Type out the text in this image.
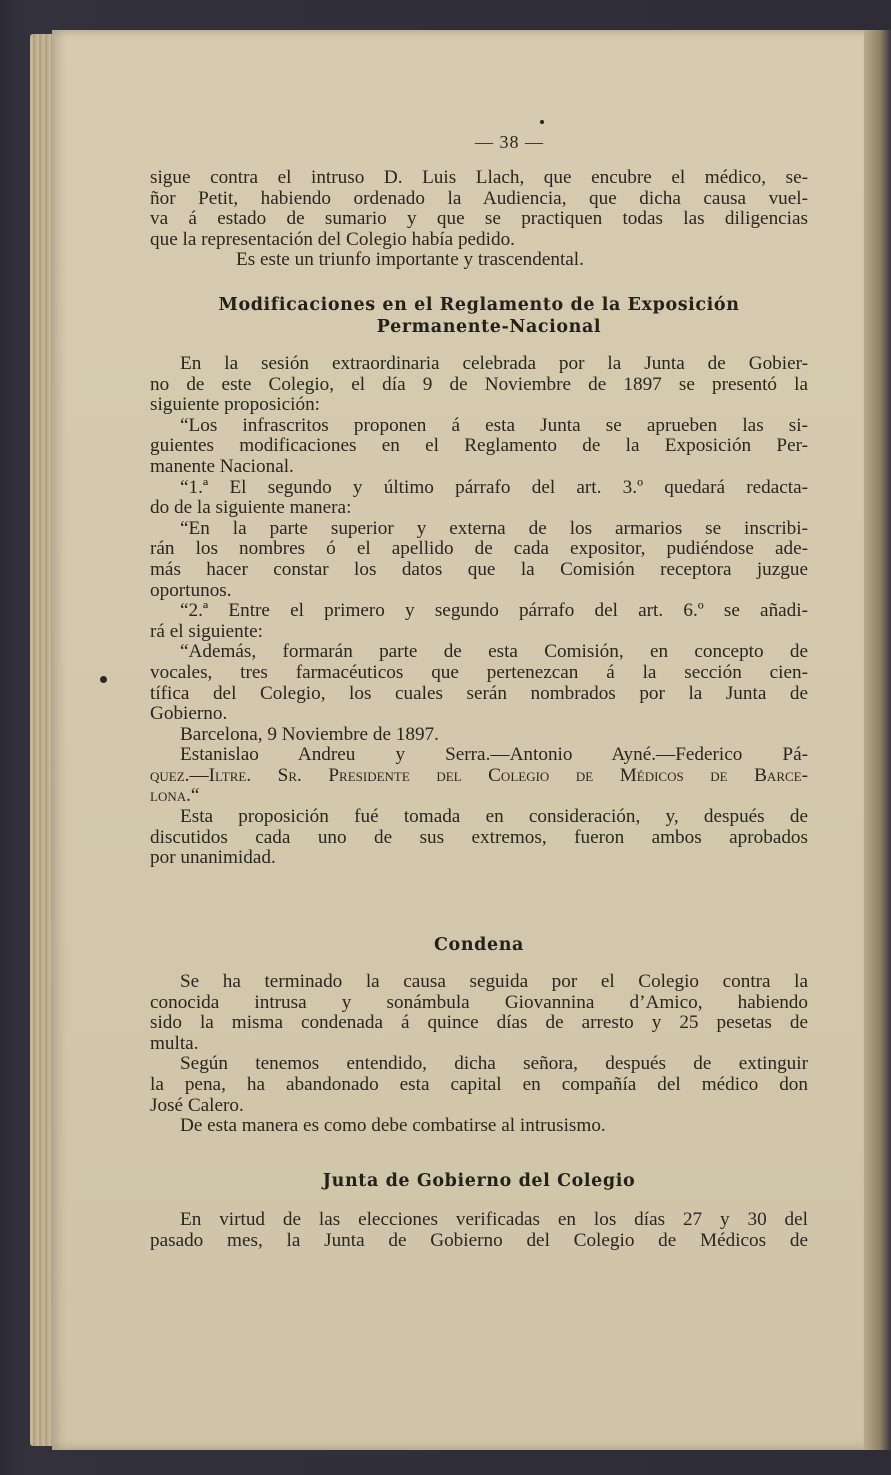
— 38 —
sigue contra el intruso D. Luis Llach, que encubre el médico, se-
ñor Petit, habiendo ordenado la Audiencia, que dicha causa vuel-
va á estado de sumario y que se practiquen todas las diligencias
que la representación del Colegio había pedido.
Es este un triunfo importante y trascendental.
Modificaciones en el Reglamento de la Exposición
Permanente-Nacional
En la sesión extraordinaria celebrada por la Junta de Gobier-
no de este Colegio, el día 9 de Noviembre de 1897 se presentó la
siguiente proposición:
“Los infrascritos proponen á esta Junta se aprueben las si-
guientes modificaciones en el Reglamento de la Exposición Per-
manente Nacional.
“1.ª El segundo y último párrafo del art. 3.º quedará redacta-
do de la siguiente manera:
“En la parte superior y externa de los armarios se inscribi-
rán los nombres ó el apellido de cada expositor, pudiéndose ade-
más hacer constar los datos que la Comisión receptora juzgue
oportunos.
“2.ª Entre el primero y segundo párrafo del art. 6.º se añadi-
rá el siguiente:
“Además, formarán parte de esta Comisión, en concepto de
vocales, tres farmacéuticos que pertenezcan á la sección cien-
tífica del Colegio, los cuales serán nombrados por la Junta de
Gobierno.
Barcelona, 9 Noviembre de 1897.
Estanislao Andreu y Serra.—Antonio Ayné.—Federico Pá-
quez.—Iltre. Sr. Presidente del Colegio de Médicos de Barce-
lona.“
Esta proposición fué tomada en consideración, y, después de
discutidos cada uno de sus extremos, fueron ambos aprobados
por unanimidad.
Condena
Se ha terminado la causa seguida por el Colegio contra la
conocida intrusa y sonámbula Giovannina d’Amico, habiendo
sido la misma condenada á quince días de arresto y 25 pesetas de
multa.
Según tenemos entendido, dicha señora, después de extinguir
la pena, ha abandonado esta capital en compañía del médico don
José Calero.
De esta manera es como debe combatirse al intrusismo.
Junta de Gobierno del Colegio
En virtud de las elecciones verificadas en los días 27 y 30 del
pasado mes, la Junta de Gobierno del Colegio de Médicos de
